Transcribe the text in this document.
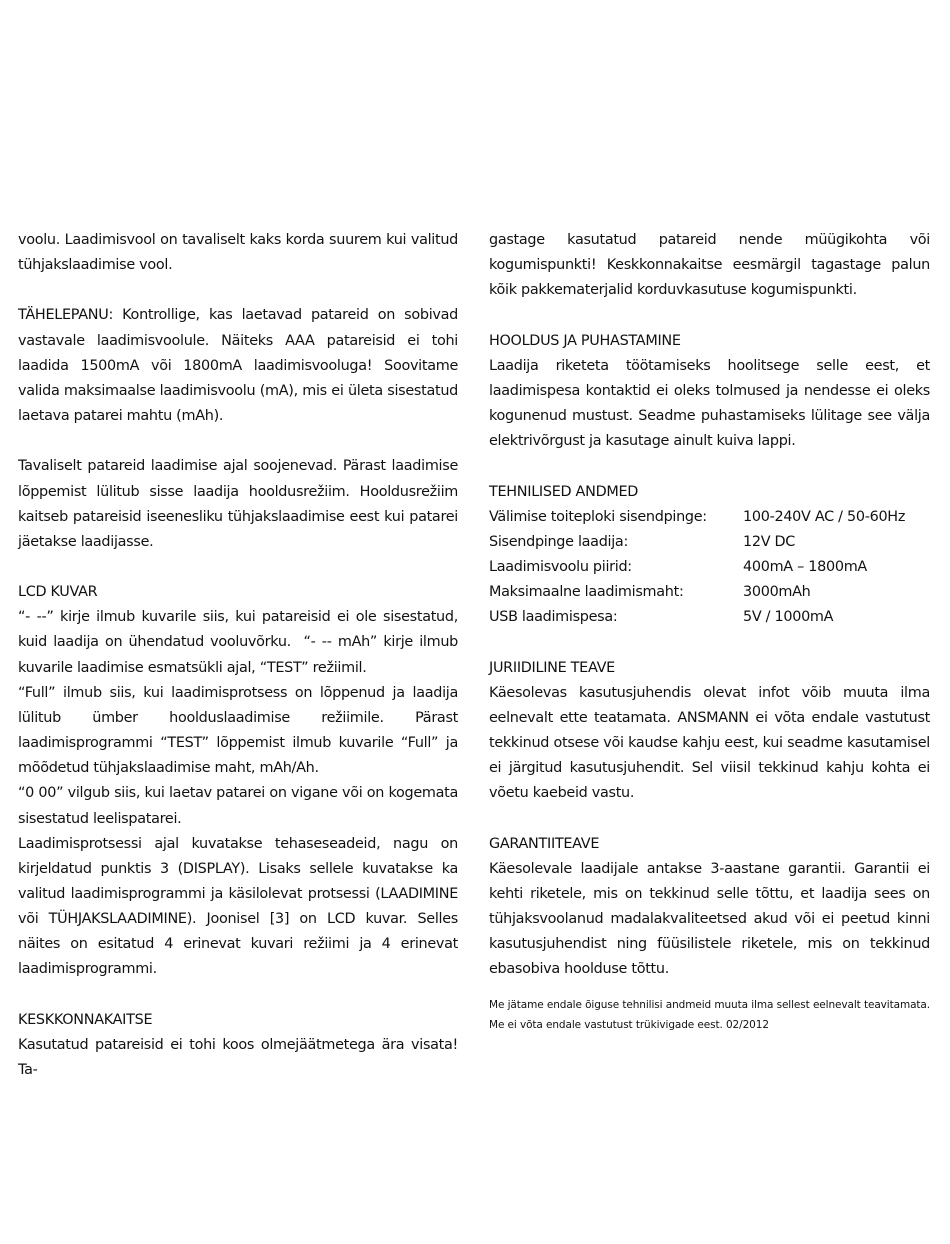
voolu. Laadimisvool on tavaliselt kaks korda suurem kui valitud tühjakslaadimise vool.

TÄHELEPANU: Kontrollige, kas laetavad patareid on sobivad vastavale laadimisvoolule. Näiteks AAA patareisid ei tohi laadida 1500mA või 1800mA laadimisvooluga! Soovitame valida maksimaalse laadimisvoolu (mA), mis ei ületa sisestatud laetava patarei mahtu (mAh).

Tavaliselt patareid laadimise ajal soojenevad. Pärast laadimise lõppemist lülitub sisse laadija hooldusrežiim. Hooldusrežiim kaitseb patareisid iseenesliku tühjakslaadimise eest kui patarei jäetakse laadijasse.

LCD KUVAR

“- --” kirje ilmub kuvarile siis, kui patareisid ei ole sisestatud, kuid laadija on ühendatud vooluvõrku.  “- -- mAh” kirje ilmub kuvarile laadimise esmatsükli ajal, “TEST” režiimil.

“Full” ilmub siis, kui laadimisprotsess on lõppenud ja laadija lülitub ümber hoolduslaadimise režiimile. Pärast laadimisprogrammi “TEST” lõppemist ilmub kuvarile “Full” ja mõõdetud tühjakslaadimise maht, mAh/Ah.

“0 00” vilgub siis, kui laetav patarei on vigane või on kogemata sisestatud leelispatarei.

Laadimisprotsessi ajal kuvatakse tehaseseadeid, nagu on kirjeldatud punktis 3 (DISPLAY). Lisaks sellele kuvatakse ka valitud laadimisprogrammi ja käsilolevat protsessi (LAADIMINE või TÜHJAKSLAADIMINE). Joonisel [3] on LCD kuvar. Selles näites on esitatud 4 erinevat kuvari režiimi ja 4 erinevat laadimisprogrammi.

KESKKONNAKAITSE

Kasutatud patareisid ei tohi koos olmejäätmetega ära visata! Ta-

gastage kasutatud patareid nende müügikohta või kogumispunkti! Keskkonnakaitse eesmärgil tagastage palun kõik pakkematerjalid korduvkasutuse kogumispunkti.

HOOLDUS JA PUHASTAMINE

Laadija riketeta töötamiseks hoolitsege selle eest, et laadimispesa kontaktid ei oleks tolmused ja nendesse ei oleks kogunenud mustust. Seadme puhastamiseks lülitage see välja elektrivõrgust ja kasutage ainult kuiva lappi.

TEHNILISED ANDMED
Välimise toiteploki sisendpinge:	100-240V AC / 50-60Hz
Sisendpinge laadija:	12V DC
Laadimisvoolu piirid:	400mA – 1800mA
Maksimaalne laadimismaht:	3000mAh
USB laadimispesa:	5V / 1000mA
JURIIDILINE TEAVE

Käesolevas kasutusjuhendis olevat infot võib muuta ilma eelnevalt ette teatamata. ANSMANN ei võta endale vastutust tekkinud otsese või kaudse kahju eest, kui seadme kasutamisel ei järgitud kasutusjuhendit. Sel viisil tekkinud kahju kohta ei võetu kaebeid vastu.

GARANTIITEAVE

Käesolevale laadijale antakse 3-aastane garantii. Garantii ei kehti riketele, mis on tekkinud selle tõttu, et laadija sees on tühjaksvoolanud madalakvaliteetsed akud või ei peetud kinni kasutusjuhendist ning füüsilistele riketele, mis on tekkinud ebasobiva hoolduse tõttu.

Me jätame endale õiguse tehnilisi andmeid muuta ilma sellest eelnevalt teavitamata. Me ei võta endale vastutust trükivigade eest. 02/2012
